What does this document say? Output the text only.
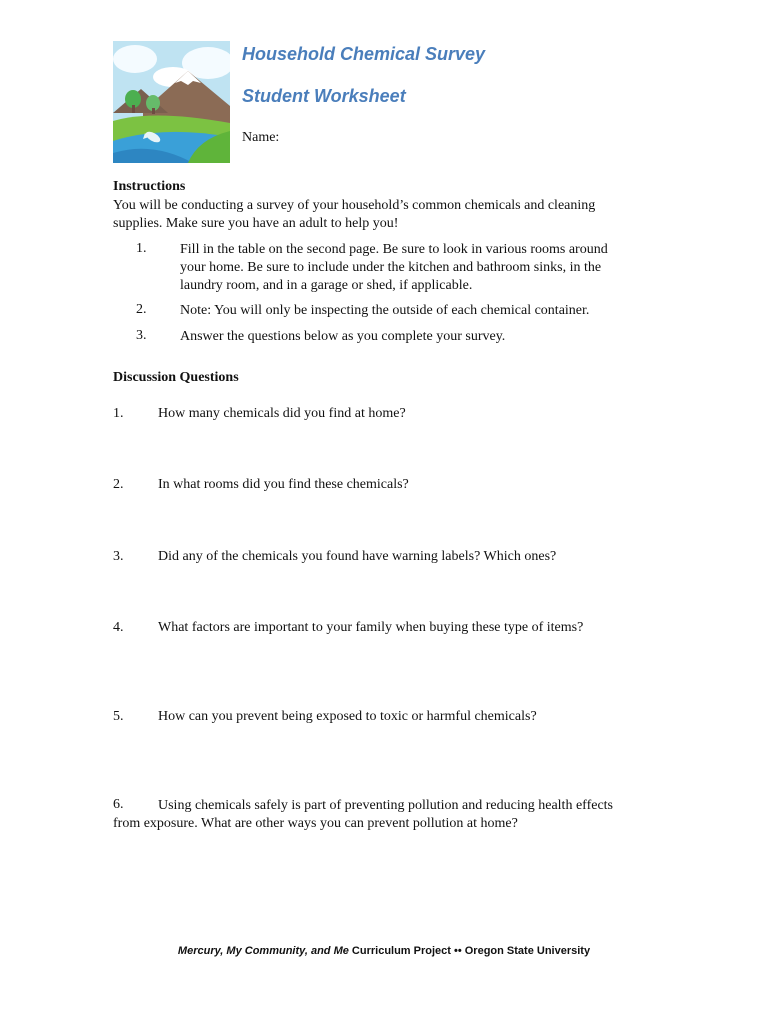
Household Chemical Survey
Student Worksheet
Name:
Instructions
You will be conducting a survey of your household’s common chemicals and cleaning supplies. Make sure you have an adult to help you!
1. Fill in the table on the second page. Be sure to look in various rooms around your home. Be sure to include under the kitchen and bathroom sinks, in the laundry room, and in a garage or shed, if applicable.
2. Note: You will only be inspecting the outside of each chemical container.
3. Answer the questions below as you complete your survey.
Discussion Questions
1. How many chemicals did you find at home?
2. In what rooms did you find these chemicals?
3. Did any of the chemicals you found have warning labels? Which ones?
4. What factors are important to your family when buying these type of items?
5. How can you prevent being exposed to toxic or harmful chemicals?
6.	Using chemicals safely is part of preventing pollution and reducing health effects from exposure. What are other ways you can prevent pollution at home?
Mercury, My Community, and Me Curriculum Project •• Oregon State University
